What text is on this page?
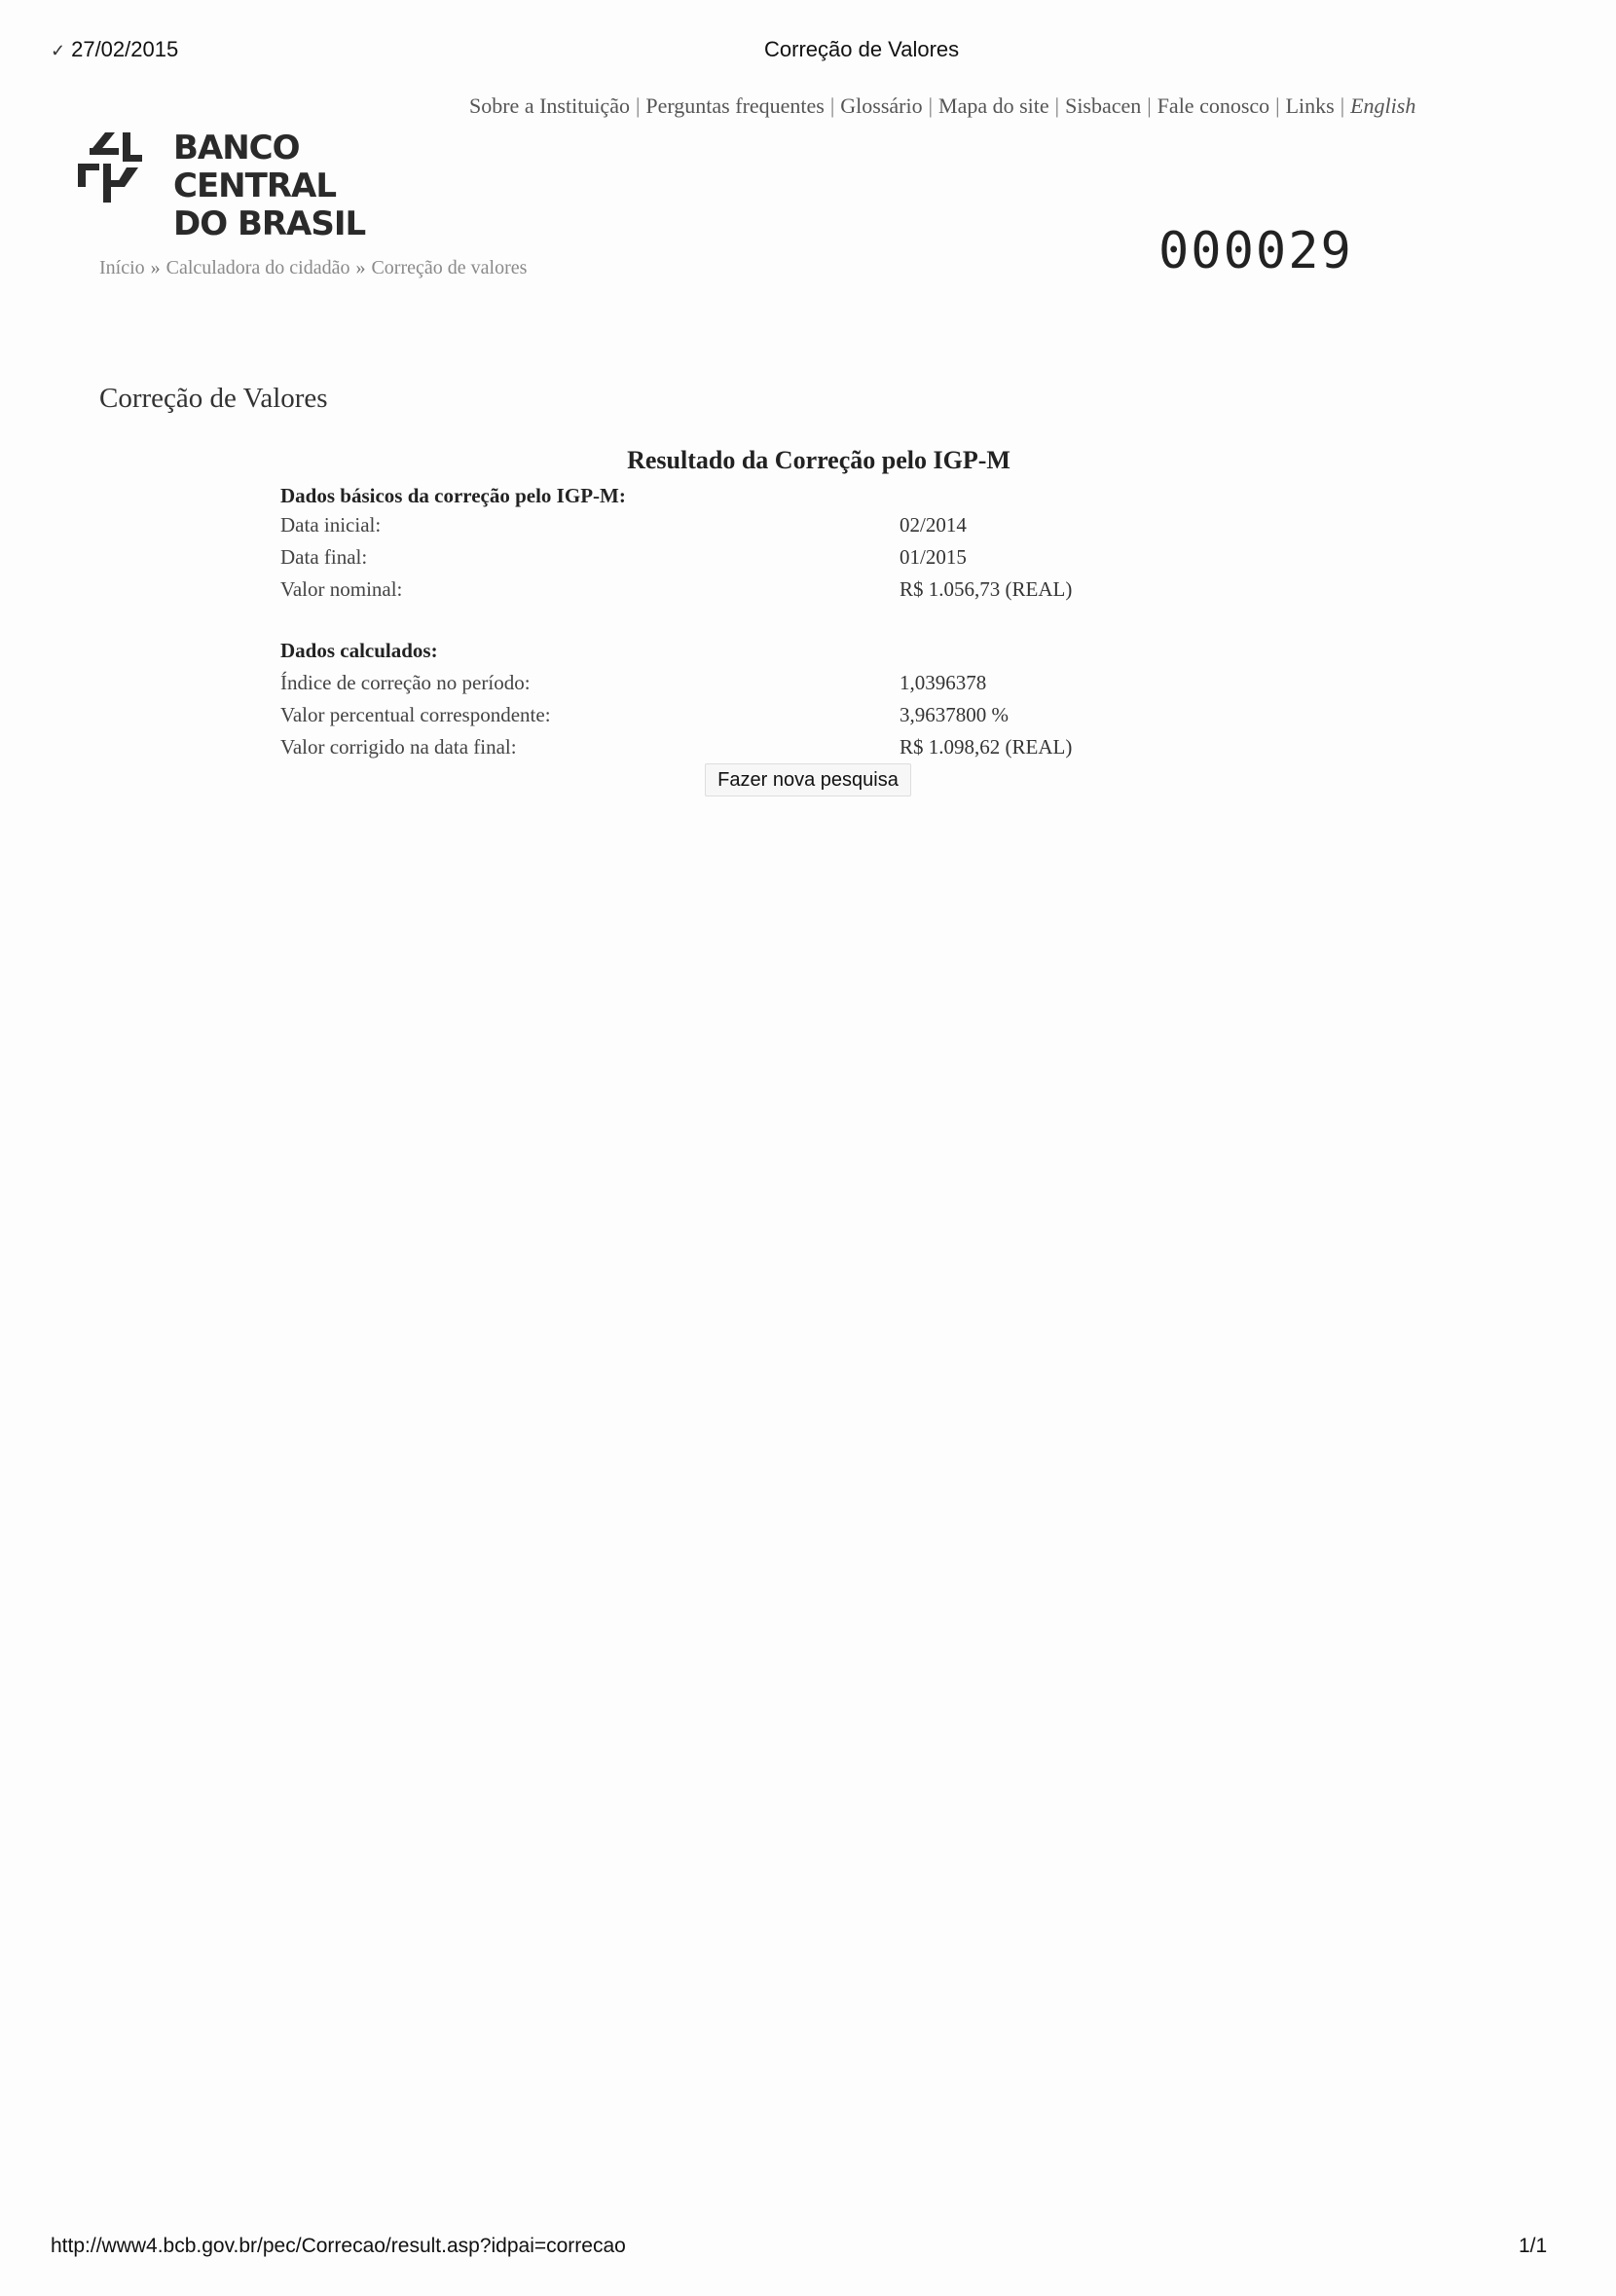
✓ 27/02/2015	Correção de Valores
Sobre a Instituição | Perguntas frequentes | Glossário | Mapa do site | Sisbacen | Fale conosco | Links | English
BANCO CENTRAL
DO BRASIL
Início » Calculadora do cidadão » Correção de valores	000029
Correção de Valores
Resultado da Correção pelo IGP-M
Dados básicos da correção pelo IGP-M:
Data inicial:	02/2014
Data final:	01/2015
Valor nominal:	R$ 1.056,73 (REAL)
Dados calculados:
Índice de correção no período:	1,0396378
Valor percentual correspondente:	3,9637800 %
Valor corrigido na data final:	R$ 1.098,62 (REAL)
Fazer nova pesquisa
http://www4.bcb.gov.br/pec/Correcao/result.asp?idpai=correcao	1/1
